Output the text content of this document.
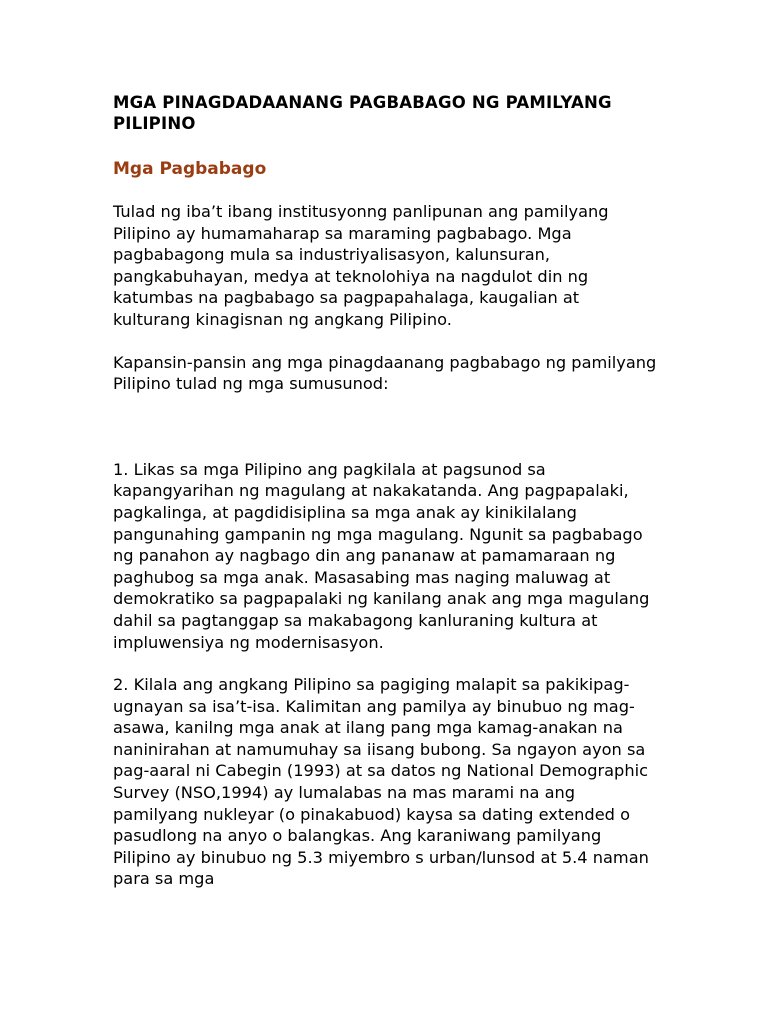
MGA PINAGDADAANANG PAGBABAGO NG PAMILYANG PILIPINO
Mga Pagbabago

Tulad ng iba’t ibang institusyonng panlipunan ang pamilyang Pilipino ay humamaharap sa maraming pagbabago. Mga pagbabagong mula sa industriyalisasyon, kalunsuran, pangkabuhayan, medya at teknolohiya na nagdulot din ng katumbas na pagbabago sa pagpapahalaga, kaugalian at kulturang kinagisnan ng angkang Pilipino.

Kapansin-pansin ang mga pinagdaanang pagbabago ng pamilyang Pilipino tulad ng mga sumusunod:

1. Likas sa mga Pilipino ang pagkilala at pagsunod sa kapangyarihan ng magulang at nakakatanda. Ang pagpapalaki, pagkalinga, at pagdidisiplina sa mga anak ay kinikilalang pangunahing gampanin ng mga magulang. Ngunit sa pagbabago ng panahon ay nagbago din ang pananaw at pamamaraan ng paghubog sa mga anak. Masasabing mas naging maluwag at demokratiko sa pagpapalaki ng kanilang anak ang mga magulang dahil sa pagtanggap sa makabagong kanluraning kultura at impluwensiya ng modernisasyon.

2. Kilala ang angkang Pilipino sa pagiging malapit sa pakikipag-ugnayan sa isa’t-isa. Kalimitan ang pamilya ay binubuo ng mag-asawa, kanilng mga anak at ilang pang mga kamag-anakan na naninirahan at namumuhay sa iisang bubong. Sa ngayon ayon sa pag-aaral ni Cabegin (1993) at sa datos ng National Demographic Survey (NSO,1994) ay lumalabas na mas marami na ang pamilyang nukleyar (o pinakabuod) kaysa sa dating extended o pasudlong na anyo o balangkas. Ang karaniwang pamilyang Pilipino ay binubuo ng 5.3 miyembro s urban/lunsod at 5.4 naman para sa mga
